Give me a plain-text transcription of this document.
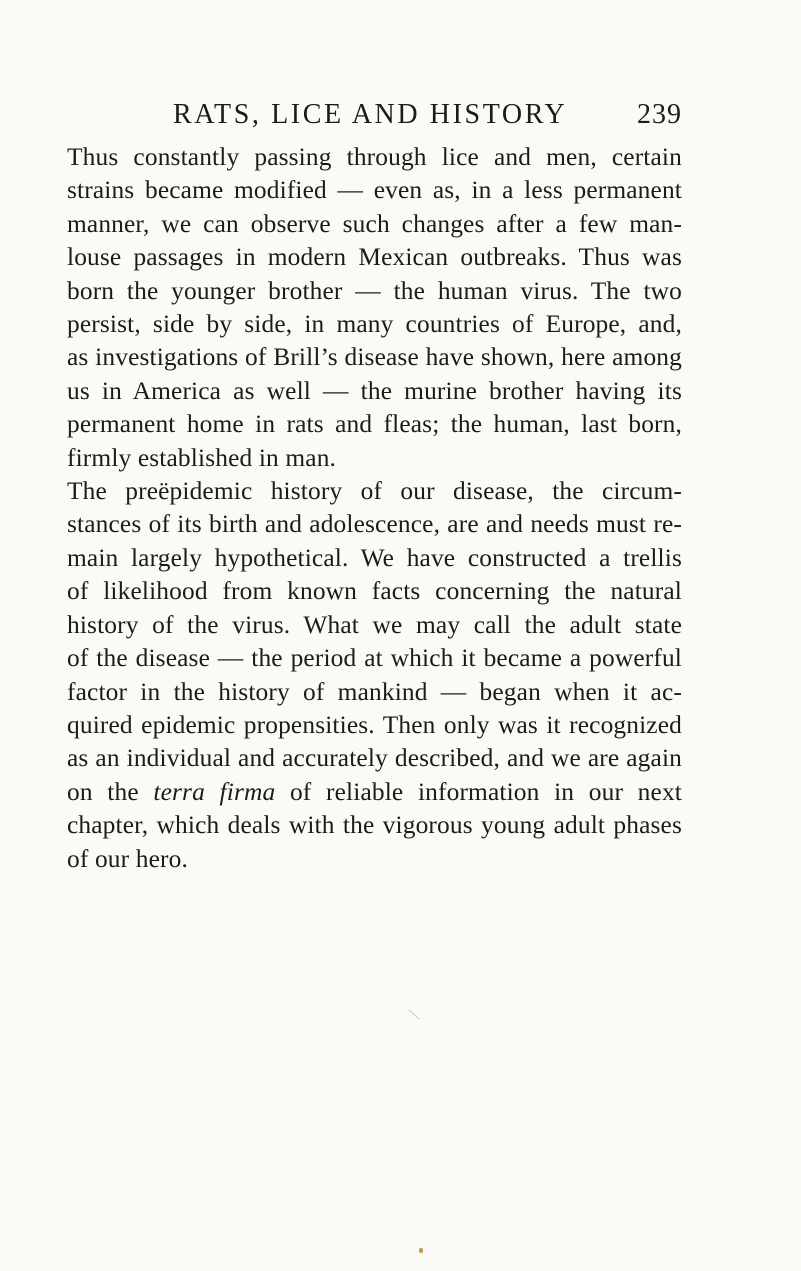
RATS, LICE AND HISTORY 239
Thus constantly passing through lice and men, certain
strains became modified — even as, in a less permanent
manner, we can observe such changes after a few man-
louse passages in modern Mexican outbreaks. Thus was
born the younger brother — the human virus. The two
persist, side by side, in many countries of Europe, and,
as investigations of Brill’s disease have shown, here among
us in America as well — the murine brother having its
permanent home in rats and fleas; the human, last born,
firmly established in man.
The preëpidemic history of our disease, the circum-
stances of its birth and adolescence, are and needs must re-
main largely hypothetical. We have constructed a trellis
of likelihood from known facts concerning the natural
history of the virus. What we may call the adult state
of the disease — the period at which it became a powerful
factor in the history of mankind — began when it ac-
quired epidemic propensities. Then only was it recognized
as an individual and accurately described, and we are again
on the terra firma of reliable information in our next
chapter, which deals with the vigorous young adult phases
of our hero.
